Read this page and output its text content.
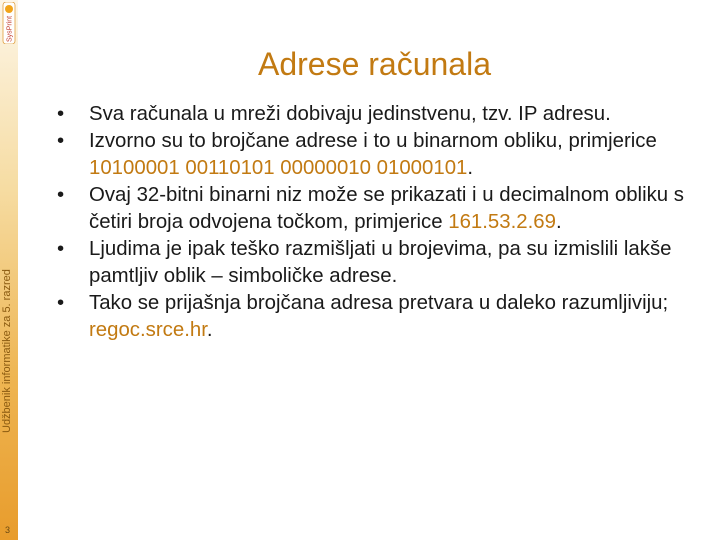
SysPrint
Udžbenik informatike za 5. razred
3
Adrese računala
• Sva računala u mreži dobivaju jedinstvenu, tzv. IP adresu.
• Izvorno su to brojčane adrese i to u binarnom obliku, primjerice 10100001 00110101 00000010 01000101.
• Ovaj 32-bitni binarni niz može se prikazati i u decimalnom obliku s četiri broja odvojena točkom, primjerice 161.53.2.69.
• Ljudima je ipak teško razmišljati u brojevima, pa su izmislili lakše pamtljiv oblik – simboličke adrese.
• Tako se prijašnja brojčana adresa pretvara u daleko razumljiviju; regoc.srce.hr.
